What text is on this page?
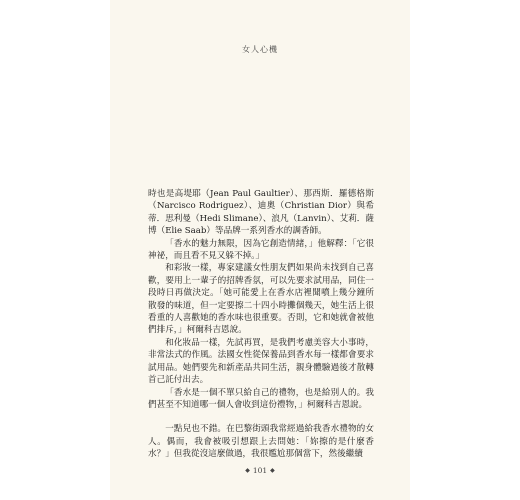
女人心機

時也是高堤耶（Jean Paul Gaultier）、那西斯．羅德格斯（Narcisco Rodriguez）、迪奧（Christian Dior）與希蒂．思利曼（Hedi Slimane）、浪凡（Lanvin）、艾莉．薩博（Elie Saab）等品牌一系列香水的調香師。

「香水的魅力無限，因為它創造情緒，」他解釋：「它很神祕，而且看不見又躲不掉。」

和彩妝一樣，專家建議女性朋友們如果尚未找到自己喜歡，要用上一輩子的招牌香氛，可以先要求試用品，同住一段時日再做決定。「她可能愛上在香水店裡聞噴上幾分鐘所散發的味道，但一定要擦二十四小時攤個幾天，她生活上很看重的人喜歡她的香水味也很重要。否則，它和她就會被他們排斥，」柯爾科吉恩說。

和化妝品一樣，先試再買，是我們考慮美容大小事時，非常法式的作風。法國女性從保養品到香水每一樣都會要求試用品。她們要先和新產品共同生活，親身體驗過後才散轉首己託付出去。

「香水是一個不單只給自己的禮物，也是給別人的。我們甚至不知道哪一個人會收到這份禮物，」柯爾科吉恩說。

一點兒也不錯。在巴黎街頭我常經過給我香水禮物的女人。偶而，我會被吸引想跟上去問她：「妳擦的是什麼香水？」但我從沒這麼做過，我很尷尬那個當下，然後繼續

◆ 101 ◆
